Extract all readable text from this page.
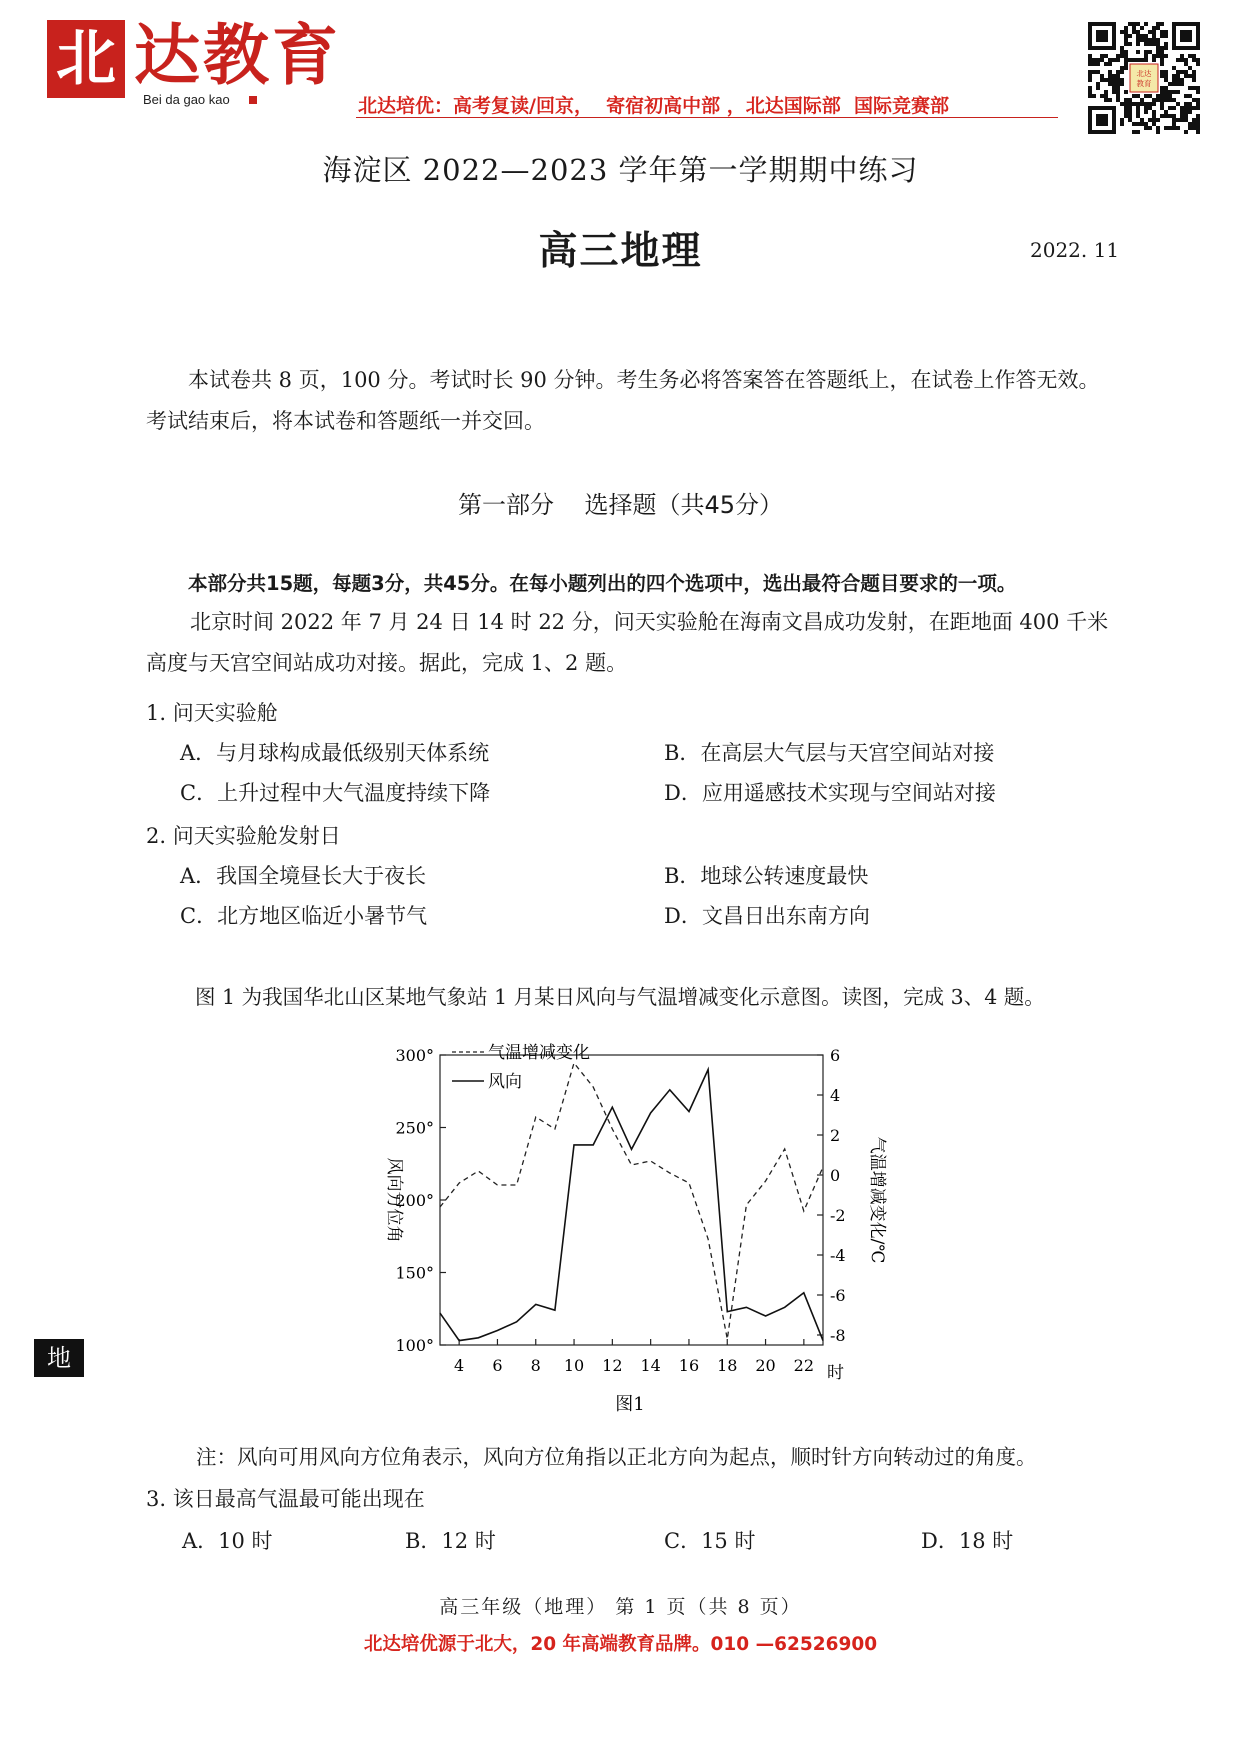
北 达教育
Bei da gao kao	北达培优：高考复读/回京，  寄宿初高中部 ，北达国际部  国际竞赛部
北达
教育
海淀区 2022—2023 学年第一学期期中练习
高三地理	2022. 11
本试卷共 8 页，100 分。考试时长 90 分钟。考生务必将答案答在答题纸上，在试卷上作答无效。考试结束后，将本试卷和答题纸一并交回。
第一部分    选择题（共45分）
本部分共15题，每题3分，共45分。在每小题列出的四个选项中，选出最符合题目要求的一项。
北京时间 2022 年 7 月 24 日 14 时 22 分，问天实验舱在海南文昌成功发射，在距地面 400 千米高度与天宫空间站成功对接。据此，完成 1、2 题。
1. 问天实验舱
A．与月球构成最低级别天体系统	B．在高层大气层与天宫空间站对接
C．上升过程中大气温度持续下降	D．应用遥感技术实现与空间站对接
2. 问天实验舱发射日
A．我国全境昼长大于夜长	B．地球公转速度最快
C．北方地区临近小暑节气	D．文昌日出东南方向
图 1 为我国华北山区某地气象站 1 月某日风向与气温增减变化示意图。读图，完成 3、4 题。
100°
150°
200°
250°
300°	6
4
2
0
-2
-4
-6
-8
4 6 8 10 12 14 16 18 20 22
气温增减变化
风向
风向方位角	气温增减变化/℃
时
图1
注：风向可用风向方位角表示，风向方位角指以正北方向为起点，顺时针方向转动过的角度。
3. 该日最高气温最可能出现在
A．10 时	B．12 时	C．15 时	D．18 时
地
高三年级（地理） 第 1 页（共 8 页）
北达培优源于北大，20 年高端教育品牌。010 —62526900
